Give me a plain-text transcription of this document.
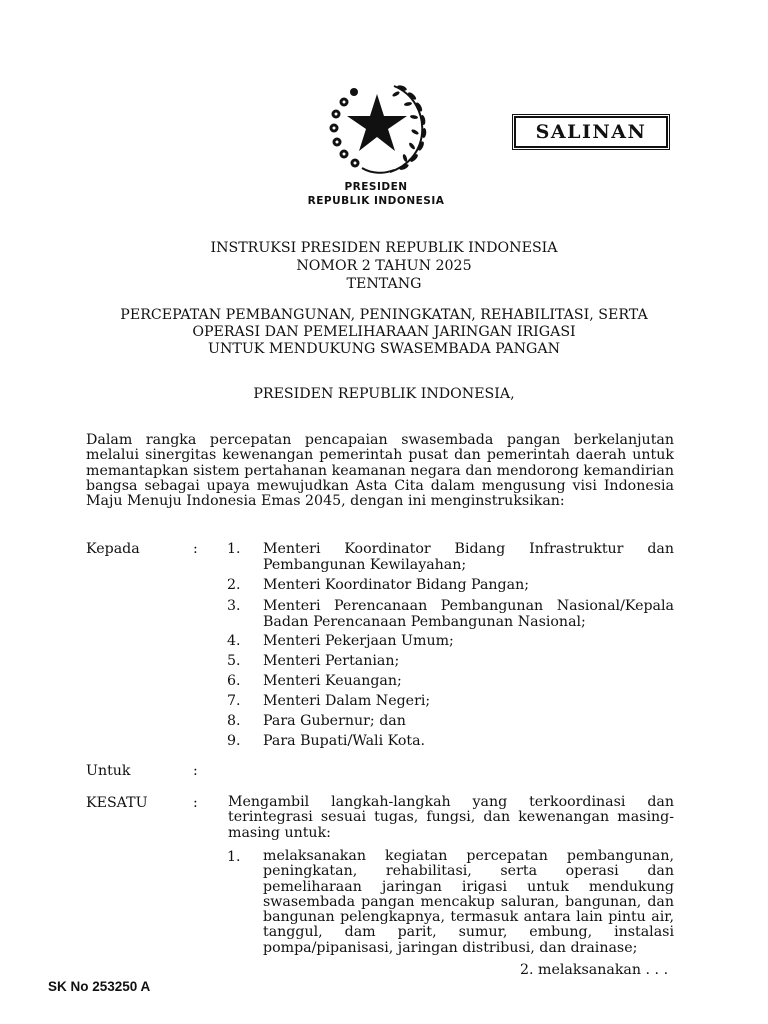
SALINAN
PRESIDEN
REPUBLIK INDONESIA
INSTRUKSI PRESIDEN REPUBLIK INDONESIA
NOMOR 2 TAHUN 2025
TENTANG
PERCEPATAN PEMBANGUNAN, PENINGKATAN, REHABILITASI, SERTA
OPERASI DAN PEMELIHARAAN JARINGAN IRIGASI
UNTUK MENDUKUNG SWASEMBADA PANGAN
PRESIDEN REPUBLIK INDONESIA,
Dalam rangka percepatan pencapaian swasembada pangan berkelanjutan melalui sinergitas kewenangan pemerintah pusat dan pemerintah daerah untuk memantapkan sistem pertahanan keamanan negara dan mendorong kemandirian bangsa sebagai upaya mewujudkan Asta Cita dalam mengusung visi Indonesia Maju Menuju Indonesia Emas 2045, dengan ini menginstruksikan:
Kepada	: 1. Menteri Koordinator Bidang Infrastruktur dan Pembangunan Kewilayahan;
2. Menteri Koordinator Bidang Pangan;
3. Menteri Perencanaan Pembangunan Nasional/Kepala Badan Perencanaan Pembangunan Nasional;
4. Menteri Pekerjaan Umum;
5. Menteri Pertanian;
6. Menteri Keuangan;
7. Menteri Dalam Negeri;
8. Para Gubernur; dan
9. Para Bupati/Wali Kota.
Untuk	:
KESATU	: Mengambil langkah-langkah yang terkoordinasi dan terintegrasi sesuai tugas, fungsi, dan kewenangan masing-masing untuk:
1. melaksanakan kegiatan percepatan pembangunan, peningkatan, rehabilitasi, serta operasi dan pemeliharaan jaringan irigasi untuk mendukung swasembada pangan mencakup saluran, bangunan, dan bangunan pelengkapnya, termasuk antara lain pintu air, tanggul, dam parit, sumur, embung, instalasi pompa/pipanisasi, jaringan distribusi, dan drainase;
2. melaksanakan . . .
SK No 253250 A
